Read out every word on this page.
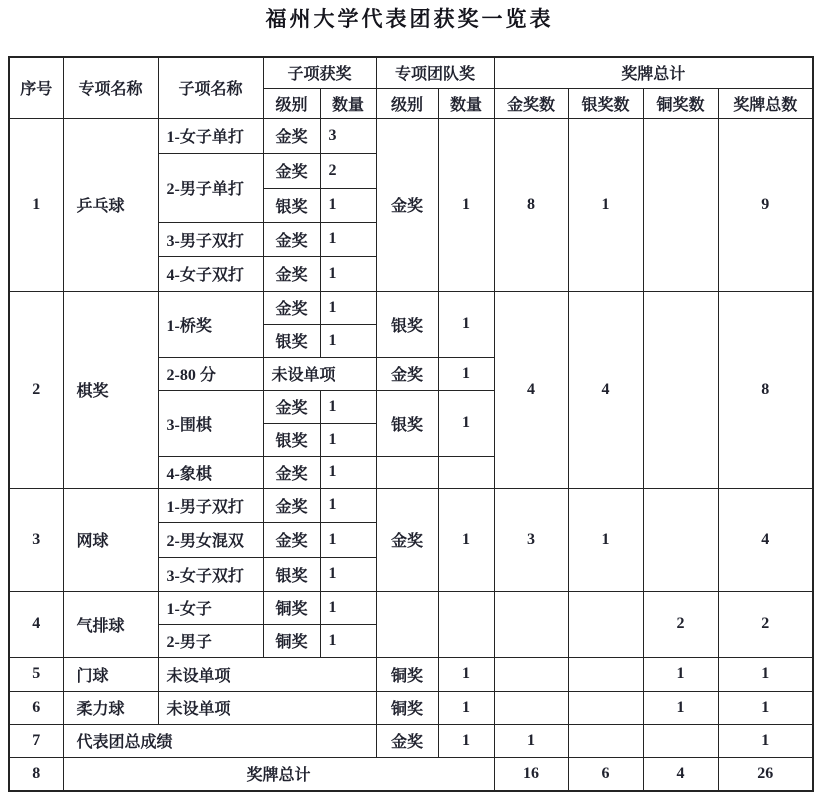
福州大学代表团获奖一览表
序号	专项名称	子项名称	子项获奖		专项团队奖		奖牌总计			
			级别	数量	级别	数量	金奖数	银奖数	铜奖数	奖牌总数
1	乒乓球	1-女子单打	金奖	3	金奖	1	8	1		9
		2-男子单打	金奖	2						
			银奖	1						
		3-男子双打	金奖	1						
		4-女子双打	金奖	1						
2	棋奖	1-桥奖	金奖	1	银奖	1	4	4		8
			银奖	1						
		2-80 分	未设单项		金奖	1				
		3-围棋	金奖	1	银奖	1				
			银奖	1						
		4-象棋	金奖	1						
3	网球	1-男子双打	金奖	1	金奖	1	3	1		4
		2-男女混双	金奖	1						
		3-女子双打	银奖	1						
4	气排球	1-女子	铜奖	1					2	2
		2-男子	铜奖	1						
5	门球	未设单项			铜奖	1			1	1
6	柔力球	未设单项			铜奖	1			1	1
7	代表团总成绩				金奖	1	1			1
8	奖牌总计						16	6	4	26
